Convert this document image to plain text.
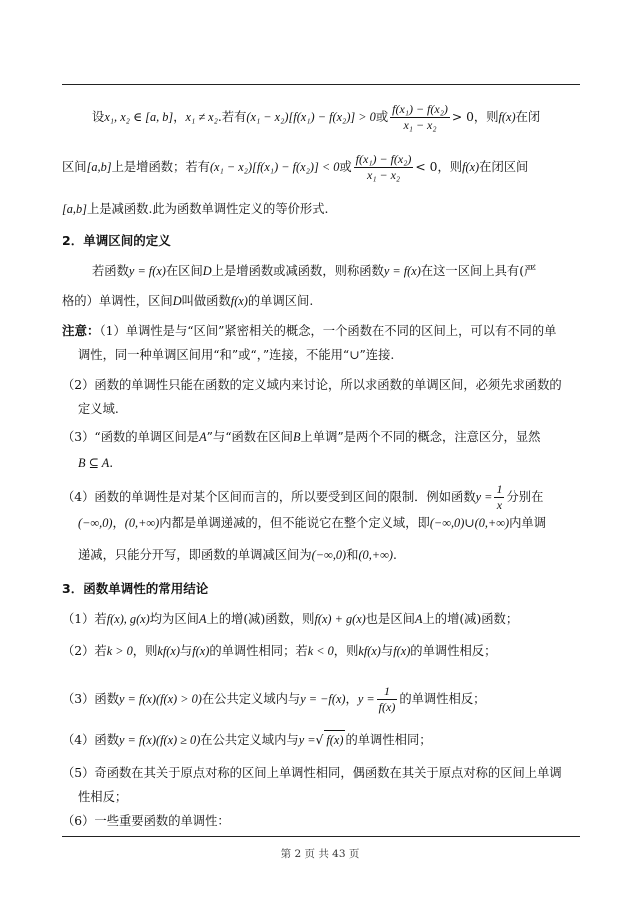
设x₁, x₂ ∈ [a, b]，x₁ ≠ x₂.若有(x₁ − x₂)[f(x₁) − f(x₂)] > 0或 $\frac{\text{f(x₁) − f(x₂)}}{\text{x₁ − x₂}} > 0$，则f(x)在闭
区间[a,b]上是增函数；若有(x₁ − x₂)[f(x₁) − f(x₂)] < 0或 $\frac{\text{f(x₁) − f(x₂)}}{\text{x₁ − x₂}} < 0$，则f(x)在闭区间
[a,b]上是减函数.此为函数单调性定义的等价形式.
2．单调区间的定义
若函数y = f(x)在区间D上是增函数或减函数，则称函数y = f(x)在这一区间上具有(严
格的）单调性，区间D叫做函数f(x)的单调区间.
注意：（1）单调性是与“区间”紧密相关的概念，一个函数在不同的区间上，可以有不同的单
调性，同一种单调区间用“和”或“，”连接，不能用“∪”连接.
（2）函数的单调性只能在函数的定义域内来讨论，所以求函数的单调区间，必须先求函数的
定义域.
（3）“函数的单调区间是A”与“函数在区间B上单调”是两个不同的概念，注意区分，显然
B ⊆ A.
（4）函数的单调性是对某个区间而言的，所以要受到区间的限制．例如函数$y = \frac{1}{x}$ 分别在
(−∞,0)，(0,+∞)内都是单调递减的，但不能说它在整个定义域，即(−∞,0)∪(0,+∞)内单调
递减，只能分开写，即函数的单调减区间为(−∞,0)和(0,+∞).
3．函数单调性的常用结论
（1）若f(x), g(x)均为区间A上的增(减)函数，则f(x) + g(x)也是区间A上的增(减)函数；
（2）若k > 0，则kf(x)与f(x)的单调性相同；若k < 0，则kf(x)与f(x)的单调性相反；
（3）函数y = f(x)(f(x) > 0)在公共定义域内与y = −f(x)，$y = \frac{1}{f(x)}$ 的单调性相反；
（4）函数y = f(x)(f(x) ≥ 0)在公共定义域内与y =√ f(x) 的单调性相同；
（5）奇函数在其关于原点对称的区间上单调性相同，偶函数在其关于原点对称的区间上单调
性相反；
（6）一些重要函数的单调性：
第 2 页 共 43 页
